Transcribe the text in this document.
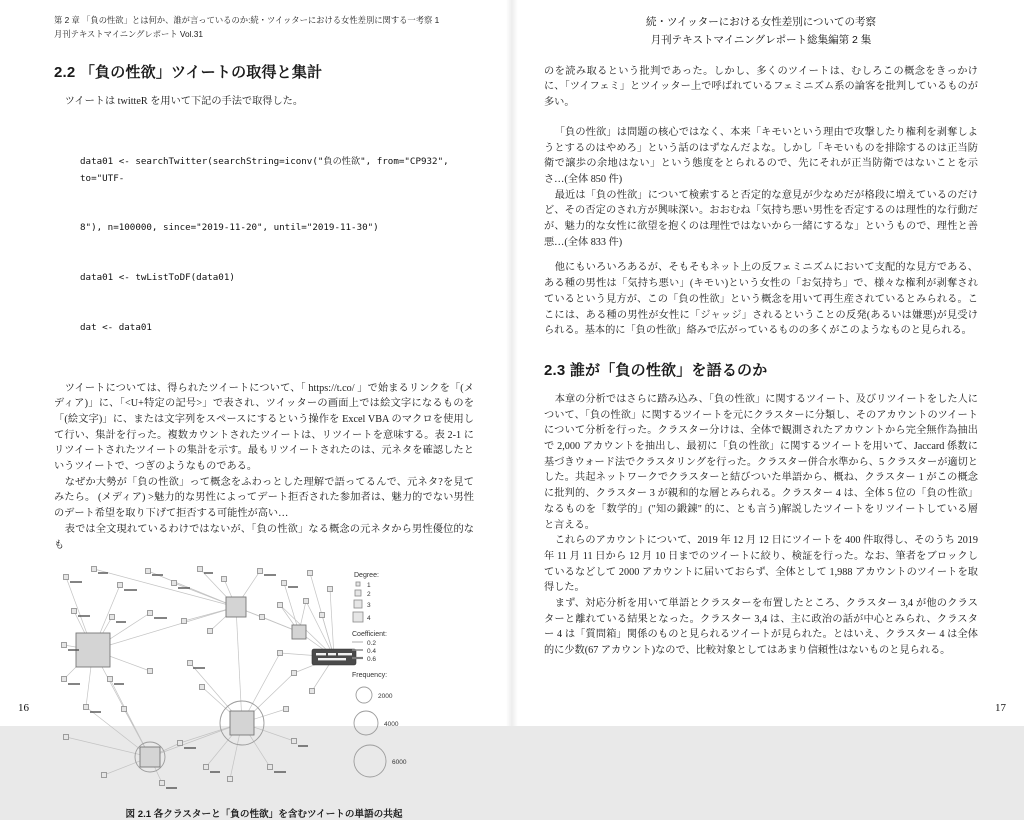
第 2 章 「負の性欲」とは何か、誰が言っているのか:続・ツイッターにおける女性差別に関する一考察 1
月刊テキストマイニングレポート Vol.31
2.2 「負の性欲」ツイートの取得と集計

ツイートは twitteR を用いて下記の手法で取得した。

data01 <- searchTwitter(searchString=iconv("負の性欲", from="CP932", to="UTF-

8"), n=100000, since="2019-11-20", until="2019-11-30")

data01 <- twListToDF(data01)

dat <- data01

ツイートについては、得られたツイートについて、「 https://t.co/ 」で始まるリンクを「(メディア)」に、「<U+特定の記号>」で表され、ツイッターの画面上では絵文字になるものを「(絵文字)」に、または文字列をスペースにするという操作を Excel VBA のマクロを使用して行い、集計を行った。複数カウントされたツイートは、リツイートを意味する。表 2-1 にリツイートされたツイートの集計を示す。最もリツイートされたのは、元ネタを確認したというツイートで、つぎのようなものである。

なぜか大勢が「負の性欲」って概念をふわっとした理解で語ってるんで、元ネタ?を見てみたら。 (メディア) >魅力的な男性によってデート拒否された参加者は、魅力的でない男性のデート希望を取り下げて拒否する可能性が高い…

表では全文現れているわけではないが、「負の性欲」なる概念の元ネタから男性優位的なも

Degree:
1
2
3
4
Coefficient:
0.2
0.4
0.6
Frequency:
2000
4000
6000
図 2.1 各クラスターと「負の性欲」を含むツイートの単語の共起
16
続・ツイッターにおける女性差別についての考察
月刊テキストマイニングレポート総集編第 2 集

のを読み取るという批判であった。しかし、多くのツイートは、むしろこの概念をきっかけに、「ツイフェミ」とツイッター上で呼ばれているフェミニズム系の論客を批判しているものが多い。

「負の性欲」は問題の核心ではなく、本来「キモいという理由で攻撃したり権利を剥奪しようとするのはやめろ」という話のはずなんだよな。しかし「キモいものを排除するのは正当防衛で譲歩の余地はない」という態度をとられるので、先にそれが正当防衛ではないことを示さ…(全体 850 件)

最近は「負の性欲」について検索すると否定的な意見が少なめだが格段に増えているのだけど、その否定のされ方が興味深い。おおむね「気持ち悪い男性を否定するのは理性的な行動だが、魅力的な女性に欲望を抱くのは理性ではないから一緒にするな」というもので、理性と善悪…(全体 833 件)

他にもいろいろあるが、そもそもネット上の反フェミニズムにおいて支配的な見方である、ある種の男性は「気持ち悪い」(キモい)という女性の「お気持ち」で、様々な権利が剥奪されているという見方が、この「負の性欲」という概念を用いて再生産されているとみられる。ここには、ある種の男性が女性に「ジャッジ」されるということの反発(あるいは嫌悪)が見受けられる。基本的に「負の性欲」絡みで広がっているものの多くがこのようなものと見られる。

2.3 誰が「負の性欲」を語るのか

本章の分析ではさらに踏み込み、「負の性欲」に関するツイート、及びリツイートをした人について、「負の性欲」に関するツイートを元にクラスターに分類し、そのアカウントのツイートについて分析を行った。クラスター分けは、全体で観測されたアカウントから完全無作為抽出で 2,000 アカウントを抽出し、最初に「負の性欲」に関するツイートを用いて、Jaccard 係数に基づきウォード法でクラスタリングを行った。クラスター併合水準から、5 クラスターが適切とした。共起ネットワークでクラスターと結びついた単語から、概ね、クラスター 1 がこの概念に批判的、クラスター 3 が親和的な層とみられる。クラスター 4 は、全体 5 位の「負の性欲」なるものを「数学的」("知の鍛錬" 的に、とも言う)解説したツイートをリツイートしている層と言える。

これらのアカウントについて、2019 年 12 月 12 日にツイートを 400 件取得し、そのうち 2019 年 11 月 11 日から 12 月 10 日までのツイートに絞り、検証を行った。なお、筆者をブロックしているなどして 2000 アカウントに届いておらず、全体として 1,988 アカウントのツイートを取得した。

まず、対応分析を用いて単語とクラスターを布置したところ、クラスター 3,4 が他のクラスターと離れている結果となった。クラスター 3,4 は、主に政治の話が中心とみられ、クラスター 4 は「質問箱」関係のものと見られるツイートが見られた。とはいえ、クラスター 4 は全体的に少数(67 アカウント)なので、比較対象としてはあまり信頼性はないものと見られる。

17
